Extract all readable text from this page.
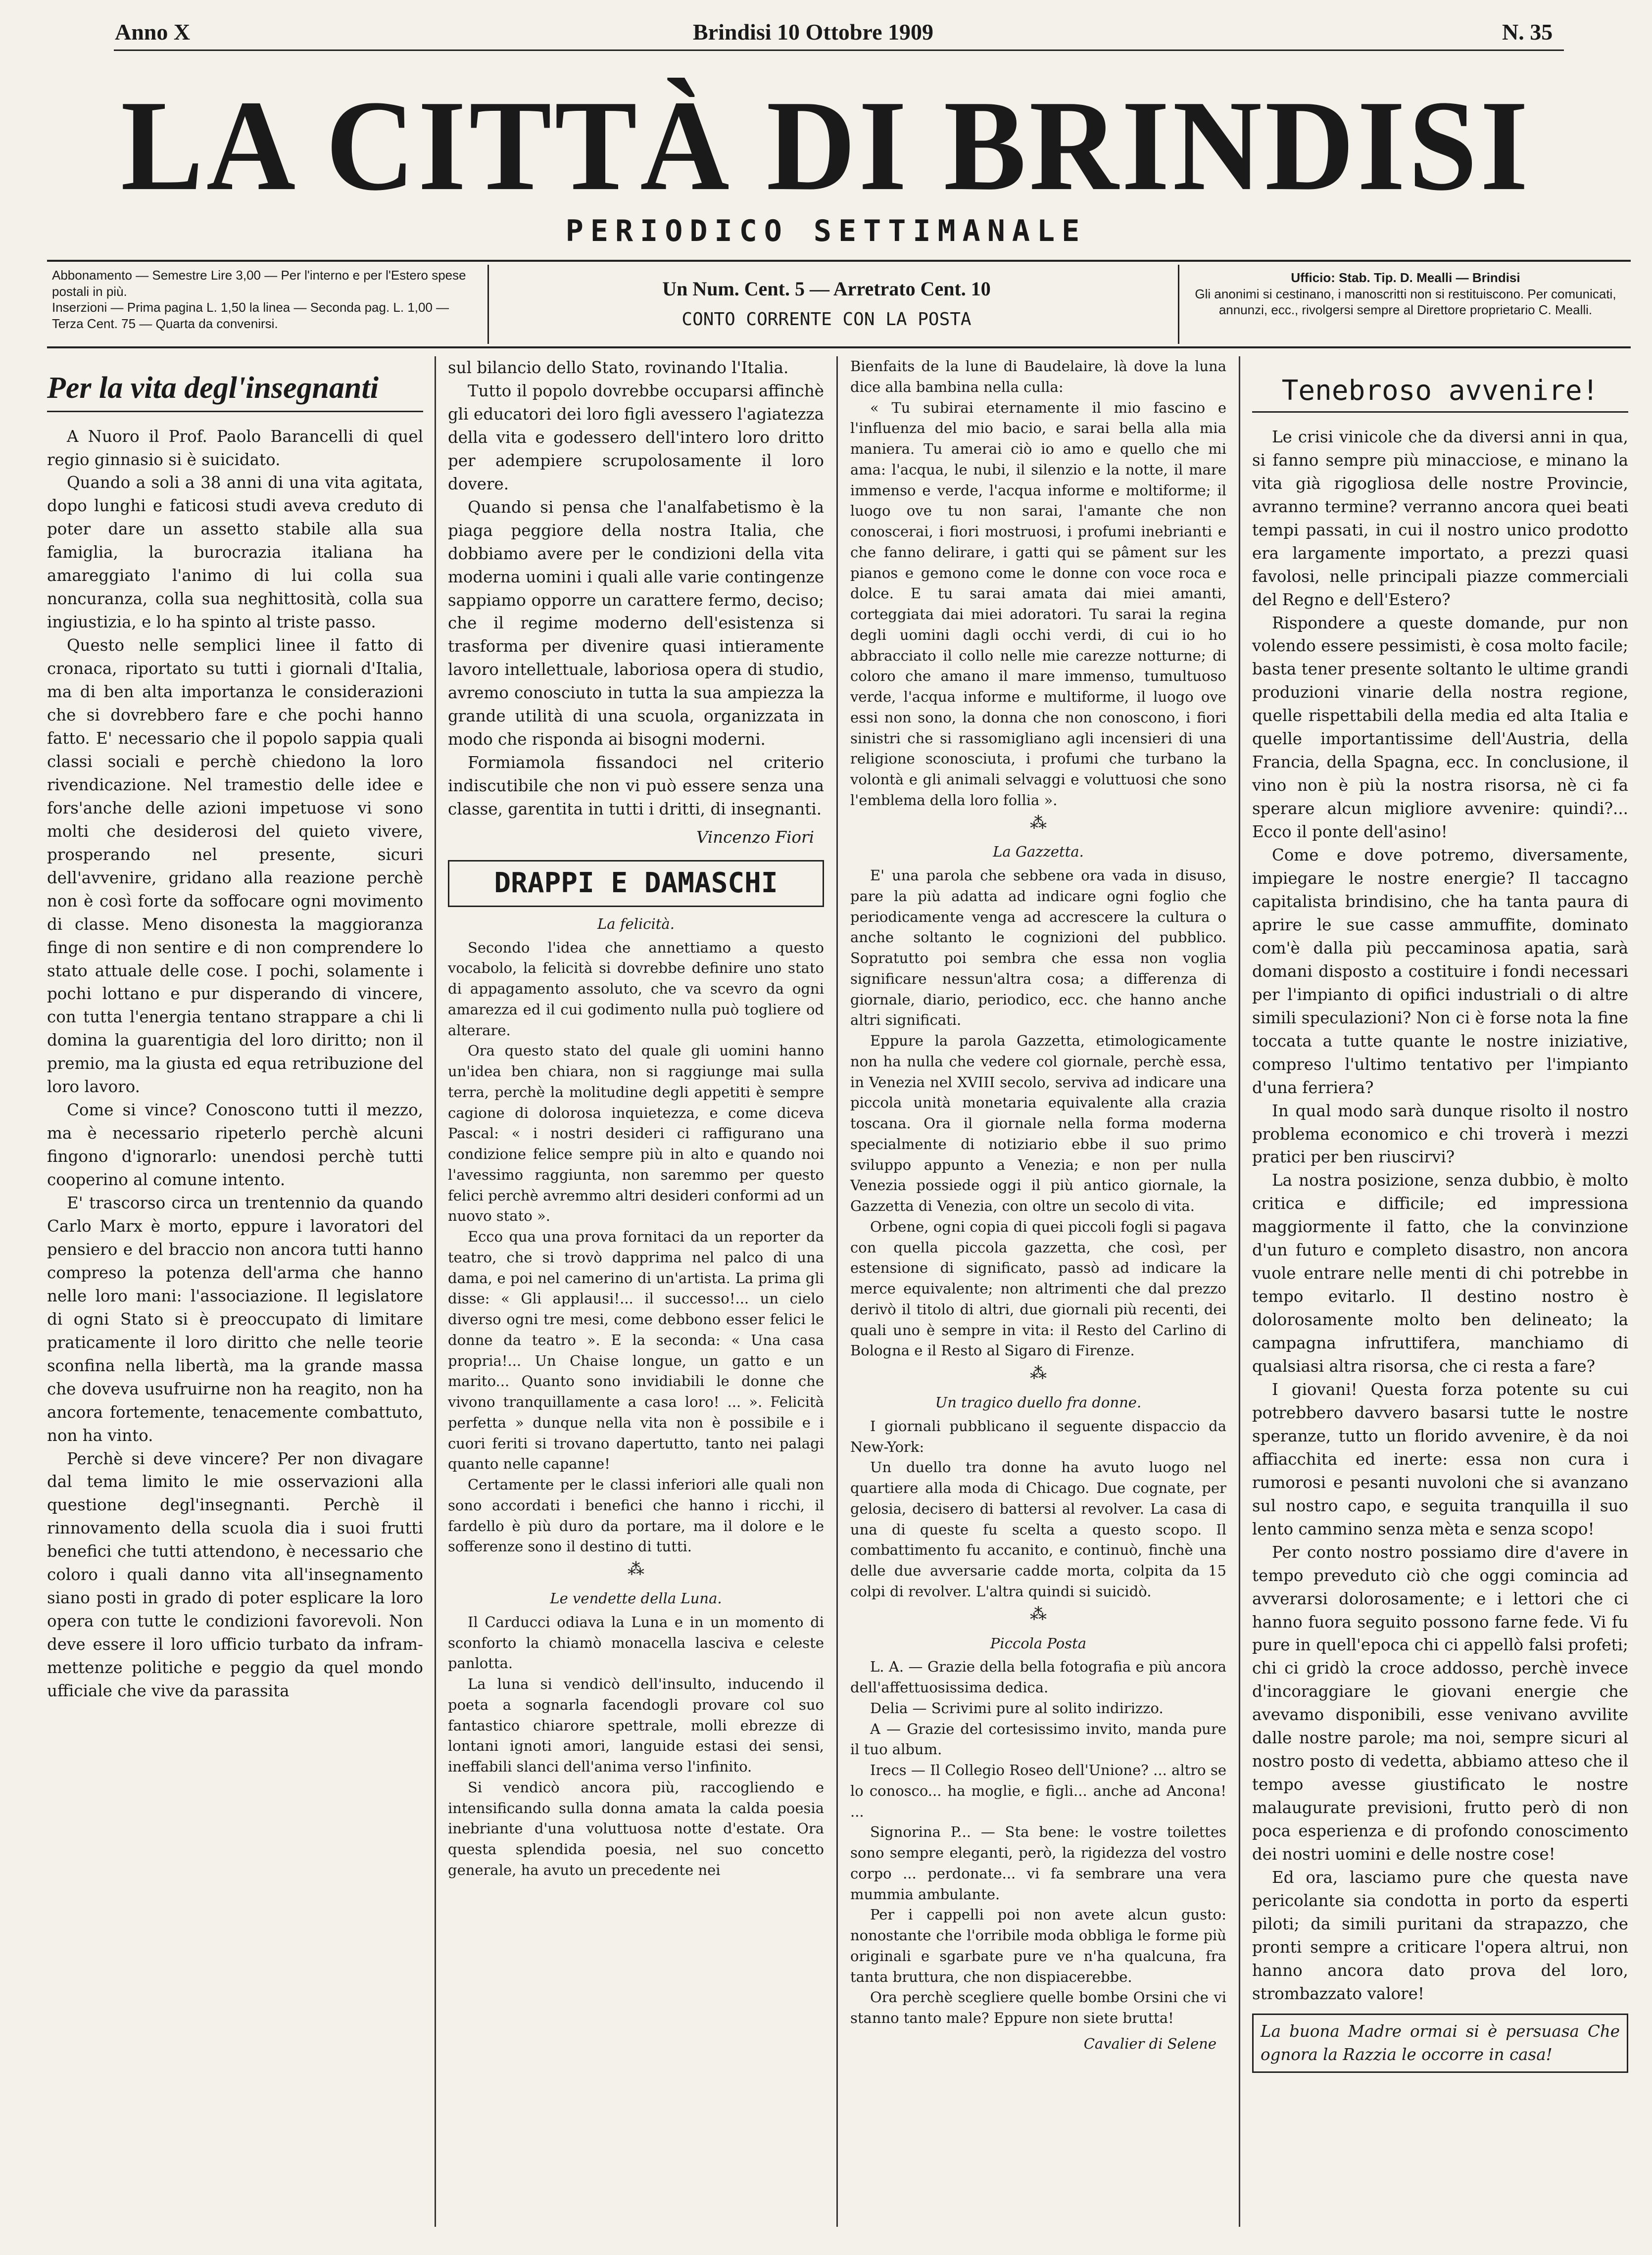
Anno X	Brindisi 10 Ottobre 1909	N. 35
LA CITTÀ DI BRINDISI
PERIODICO SETTIMANALE
Abbonamento — Semestre Lire 3,00 — Per l'interno e per l'Estero spese postali in più.
Inserzioni — Prima pagina L. 1,50 la linea — Seconda pag. L. 1,00 — Terza Cent. 75 — Quarta da convenirsi.
Un Num. Cent. 5 — Arretrato Cent. 10
CONTO CORRENTE CON LA POSTA
Ufficio: Stab. Tip. D. Mealli — Brindisi
Gli anonimi si cestinano, i manoscritti non si restituiscono. Per comunicati, annunzi, ecc., rivolgersi sempre al Direttore proprietario C. Mealli.
Per la vita degl'insegnanti

A Nuoro il Prof. Paolo Barancelli di quel regio ginnasio si è suicidato.

Quando a soli a 38 anni di una vita agitata, dopo lunghi e faticosi studi aveva creduto di poter dare un assetto stabile alla sua famiglia, la burocrazia italiana ha amareggiato l'animo di lui colla sua noncuranza, colla sua neghittosità, colla sua ingiustizia, e lo ha spinto al triste passo.

Questo nelle semplici linee il fatto di cronaca, riportato su tutti i giornali d'Italia, ma di ben alta importanza le considerazioni che si dovrebbero fare e che pochi hanno fatto. E' necessario che il popolo sappia quali classi sociali e perchè chiedono la loro rivendicazione. Nel tramestio delle idee e fors'anche delle azioni impetuose vi sono molti che desiderosi del quieto vivere, prosperando nel presente, sicuri dell'avvenire, gridano alla reazione perchè non è così forte da soffocare ogni movimento di classe. Meno disonesta la maggioranza finge di non sentire e di non comprendere lo stato attuale delle cose. I pochi, solamente i pochi lottano e pur disperando di vincere, con tutta l'energia tentano strappare a chi li domina la guarentigia del loro diritto; non il premio, ma la giusta ed equa retribuzione del loro lavoro.

Come si vince? Conoscono tutti il mezzo, ma è necessario ripeterlo perchè alcuni fingono d'ignorarlo: unendosi perchè tutti cooperino al comune intento.

E' trascorso circa un trentennio da quando Carlo Marx è morto, eppure i lavoratori del pensiero e del braccio non ancora tutti hanno compreso la potenza dell'arma che hanno nelle loro mani: l'associazione. Il legislatore di ogni Stato si è preoccupato di limitare praticamente il loro diritto che nelle teorie sconfina nella libertà, ma la grande massa che doveva usufruirne non ha reagito, non ha ancora fortemente, tenacemente combattuto, non ha vinto.

Perchè si deve vincere? Per non divagare dal tema limito le mie osservazioni alla questione degl'insegnanti. Perchè il rinnovamento della scuola dia i suoi frutti benefici che tutti attendono, è necessario che coloro i quali danno vita all'insegnamento siano posti in grado di poter esplicare la loro opera con tutte le condizioni favorevoli. Non deve essere il loro ufficio turbato da infram- mettenze politiche e peggio da quel mondo ufficiale che vive da parassita

sul bilancio dello Stato, rovinando l'Italia.

Tutto il popolo dovrebbe occuparsi affinchè gli educatori dei loro figli avessero l'agiatezza della vita e godessero dell'intero loro dritto per adempiere scrupolosamente il loro dovere.

Quando si pensa che l'analfabetismo è la piaga peggiore della nostra Italia, che dobbiamo avere per le condizioni della vita moderna uomini i quali alle varie contingenze sappiamo opporre un carattere fermo, deciso; che il regime moderno dell'esistenza si trasforma per divenire quasi intieramente lavoro intellettuale, laboriosa opera di studio, avremo conosciuto in tutta la sua ampiezza la grande utilità di una scuola, organizzata in modo che risponda ai bisogni moderni.

Formiamola fissandoci nel criterio indiscutibile che non vi può essere senza una classe, garentita in tutti i dritti, di insegnanti.

Vincenzo Fiori
DRAPPI E DAMASCHI

La felicità.

Secondo l'idea che annettiamo a questo vocabolo, la felicità si dovrebbe definire uno stato di appagamento assoluto, che va scevro da ogni amarezza ed il cui godimento nulla può togliere od alterare.

Ora questo stato del quale gli uomini hanno un'idea ben chiara, non si raggiunge mai sulla terra, perchè la molitudine degli appetiti è sempre cagione di dolorosa inquietezza, e come diceva Pascal: « i nostri desideri ci raffigurano una condizione felice sempre più in alto e quando noi l'avessimo raggiunta, non saremmo per questo felici perchè avremmo altri desideri conformi ad un nuovo stato ».

Ecco qua una prova fornitaci da un reporter da teatro, che si trovò dapprima nel palco di una dama, e poi nel camerino di un'artista. La prima gli disse: « Gli applausi!... il successo!... un cielo diverso ogni tre mesi, come debbono esser felici le donne da teatro ». E la seconda: « Una casa propria!... Un Chaise longue, un gatto e un marito... Quanto sono invidiabili le donne che vivono tranquillamente a casa loro! ... ». Felicità perfetta » dunque nella vita non è possibile e i cuori feriti si trovano dapertutto, tanto nei palagi quanto nelle capanne!

Certamente per le classi inferiori alle quali non sono accordati i benefici che hanno i ricchi, il fardello è più duro da portare, ma il dolore e le sofferenze sono il destino di tutti.

⁂

Le vendette della Luna.

Il Carducci odiava la Luna e in un momento di sconforto la chiamò monacella lasciva e celeste panlotta.

La luna si vendicò dell'insulto, inducendo il poeta a sognarla facendogli provare col suo fantastico chiarore spettrale, molli ebrezze di lontani ignoti amori, languide estasi dei sensi, ineffabili slanci dell'anima verso l'infinito.

Si vendicò ancora più, raccogliendo e intensificando sulla donna amata la calda poesia inebriante d'una voluttuosa notte d'estate. Ora questa splendida poesia, nel suo concetto generale, ha avuto un precedente nei

Bienfaits de la lune di Baudelaire, là dove la luna dice alla bambina nella culla:

« Tu subirai eternamente il mio fascino e l'influenza del mio bacio, e sarai bella alla mia maniera. Tu amerai ciò io amo e quello che mi ama: l'acqua, le nubi, il silenzio e la notte, il mare immenso e verde, l'acqua informe e moltiforme; il luogo ove tu non sarai, l'amante che non conoscerai, i fiori mostruosi, i profumi inebrianti e che fanno delirare, i gatti qui se pâment sur les pianos e gemono come le donne con voce roca e dolce. E tu sarai amata dai miei amanti, corteggiata dai miei adoratori. Tu sarai la regina degli uomini dagli occhi verdi, di cui io ho abbracciato il collo nelle mie carezze notturne; di coloro che amano il mare immenso, tumultuoso verde, l'acqua informe e multiforme, il luogo ove essi non sono, la donna che non conoscono, i fiori sinistri che si rassomigliano agli incensieri di una religione sconosciuta, i profumi che turbano la volontà e gli animali selvaggi e voluttuosi che sono l'emblema della loro follia ».

⁂

La Gazzetta.

E' una parola che sebbene ora vada in disuso, pare la più adatta ad indicare ogni foglio che periodicamente venga ad accrescere la cultura o anche soltanto le cognizioni del pubblico. Sopratutto poi sembra che essa non voglia significare nessun'altra cosa; a differenza di giornale, diario, periodico, ecc. che hanno anche altri significati.

Eppure la parola Gazzetta, etimologicamente non ha nulla che vedere col giornale, perchè essa, in Venezia nel XVIII secolo, serviva ad indicare una piccola unità monetaria equivalente alla crazia toscana. Ora il giornale nella forma moderna specialmente di notiziario ebbe il suo primo sviluppo appunto a Venezia; e non per nulla Venezia possiede oggi il più antico giornale, la Gazzetta di Venezia, con oltre un secolo di vita.

Orbene, ogni copia di quei piccoli fogli si pagava con quella piccola gazzetta, che così, per estensione di significato, passò ad indicare la merce equivalente; non altrimenti che dal prezzo derivò il titolo di altri, due giornali più recenti, dei quali uno è sempre in vita: il Resto del Carlino di Bologna e il Resto al Sigaro di Firenze.

⁂

Un tragico duello fra donne.

I giornali pubblicano il seguente dispaccio da New-York:

Un duello tra donne ha avuto luogo nel quartiere alla moda di Chicago. Due cognate, per gelosia, decisero di battersi al revolver. La casa di una di queste fu scelta a questo scopo. Il combattimento fu accanito, e continuò, finchè una delle due avversarie cadde morta, colpita da 15 colpi di revolver. L'altra quindi si suicidò.

⁂

Piccola Posta

L. A. — Grazie della bella fotografia e più ancora dell'affettuosissima dedica.

Delia — Scrivimi pure al solito indirizzo.

A — Grazie del cortesissimo invito, manda pure il tuo album.

Irecs — Il Collegio Roseo dell'Unione? ... altro se lo conosco... ha moglie, e figli... anche ad Ancona! ...

Signorina P... — Sta bene: le vostre toilettes sono sempre eleganti, però, la rigidezza del vostro corpo ... perdonate... vi fa sembrare una vera mummia ambulante.

Per i cappelli poi non avete alcun gusto: nonostante che l'orribile moda obbliga le forme più originali e sgarbate pure ve n'ha qualcuna, fra tanta bruttura, che non dispiacerebbe.

Ora perchè scegliere quelle bombe Orsini che vi stanno tanto male? Eppure non siete brutta!

Cavalier di Selene
Tenebroso avvenire!

Le crisi vinicole che da diversi anni in qua, si fanno sempre più minacciose, e minano la vita già rigogliosa delle nostre Provincie, avranno termine? verranno ancora quei beati tempi passati, in cui il nostro unico prodotto era largamente importato, a prezzi quasi favolosi, nelle principali piazze commerciali del Regno e dell'Estero?

Rispondere a queste domande, pur non volendo essere pessimisti, è cosa molto facile; basta tener presente soltanto le ultime grandi produzioni vinarie della nostra regione, quelle rispettabili della media ed alta Italia e quelle importantissime dell'Austria, della Francia, della Spagna, ecc. In conclusione, il vino non è più la nostra risorsa, nè ci fa sperare alcun migliore avvenire: quindi?... Ecco il ponte dell'asino!

Come e dove potremo, diversamente, impiegare le nostre energie? Il taccagno capitalista brindisino, che ha tanta paura di aprire le sue casse ammuffite, dominato com'è dalla più peccaminosa apatia, sarà domani disposto a costituire i fondi necessari per l'impianto di opifici industriali o di altre simili speculazioni? Non ci è forse nota la fine toccata a tutte quante le nostre iniziative, compreso l'ultimo tentativo per l'impianto d'una ferriera?

In qual modo sarà dunque risolto il nostro problema economico e chi troverà i mezzi pratici per ben riuscirvi?

La nostra posizione, senza dubbio, è molto critica e difficile; ed impressiona maggiormente il fatto, che la convinzione d'un futuro e completo disastro, non ancora vuole entrare nelle menti di chi potrebbe in tempo evitarlo. Il destino nostro è dolorosamente molto ben delineato; la campagna infruttifera, manchiamo di qualsiasi altra risorsa, che ci resta a fare?

I giovani! Questa forza potente su cui potrebbero davvero basarsi tutte le nostre speranze, tutto un florido avvenire, è da noi affiacchita ed inerte: essa non cura i rumorosi e pesanti nuvoloni che si avanzano sul nostro capo, e seguita tranquilla il suo lento cammino senza mèta e senza scopo!

Per conto nostro possiamo dire d'avere in tempo preveduto ciò che oggi comincia ad avverarsi dolorosamente; e i lettori che ci hanno fuora seguito possono farne fede. Vi fu pure in quell'epoca chi ci appellò falsi profeti; chi ci gridò la croce addosso, perchè invece d'incoraggiare le giovani energie che avevamo disponibili, esse venivano avvilite dalle nostre parole; ma noi, sempre sicuri al nostro posto di vedetta, abbiamo atteso che il tempo avesse giustificato le nostre malaugurate previsioni, frutto però di non poca esperienza e di profondo conoscimento dei nostri uomini e delle nostre cose!

Ed ora, lasciamo pure che questa nave pericolante sia condotta in porto da esperti piloti; da simili puritani da strapazzo, che pronti sempre a criticare l'opera altrui, non hanno ancora dato prova del loro, strombazzato valore!

La buona Madre ormai si è persuasa Che ognora la Razzia le occorre in casa!
